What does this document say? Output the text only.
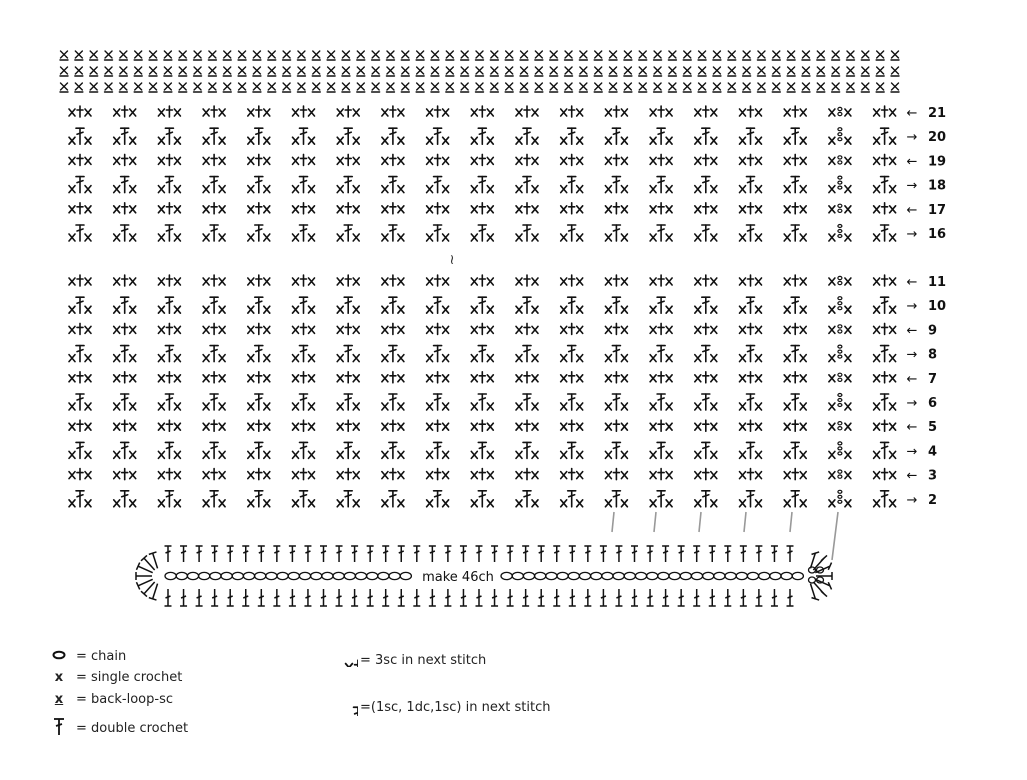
← 21
→ 20
← 19
→ 18
← 17
→ 16
← 11
→ 10
← 9
→ 8
← 7
→ 6
← 5
→ 4
← 3
→ 2
make 46ch
≀
= chain
x = single crochet
x = back-loop-sc
= double crochet
= 3sc in next stitch
=(1sc, 1dc,1sc) in next stitch
